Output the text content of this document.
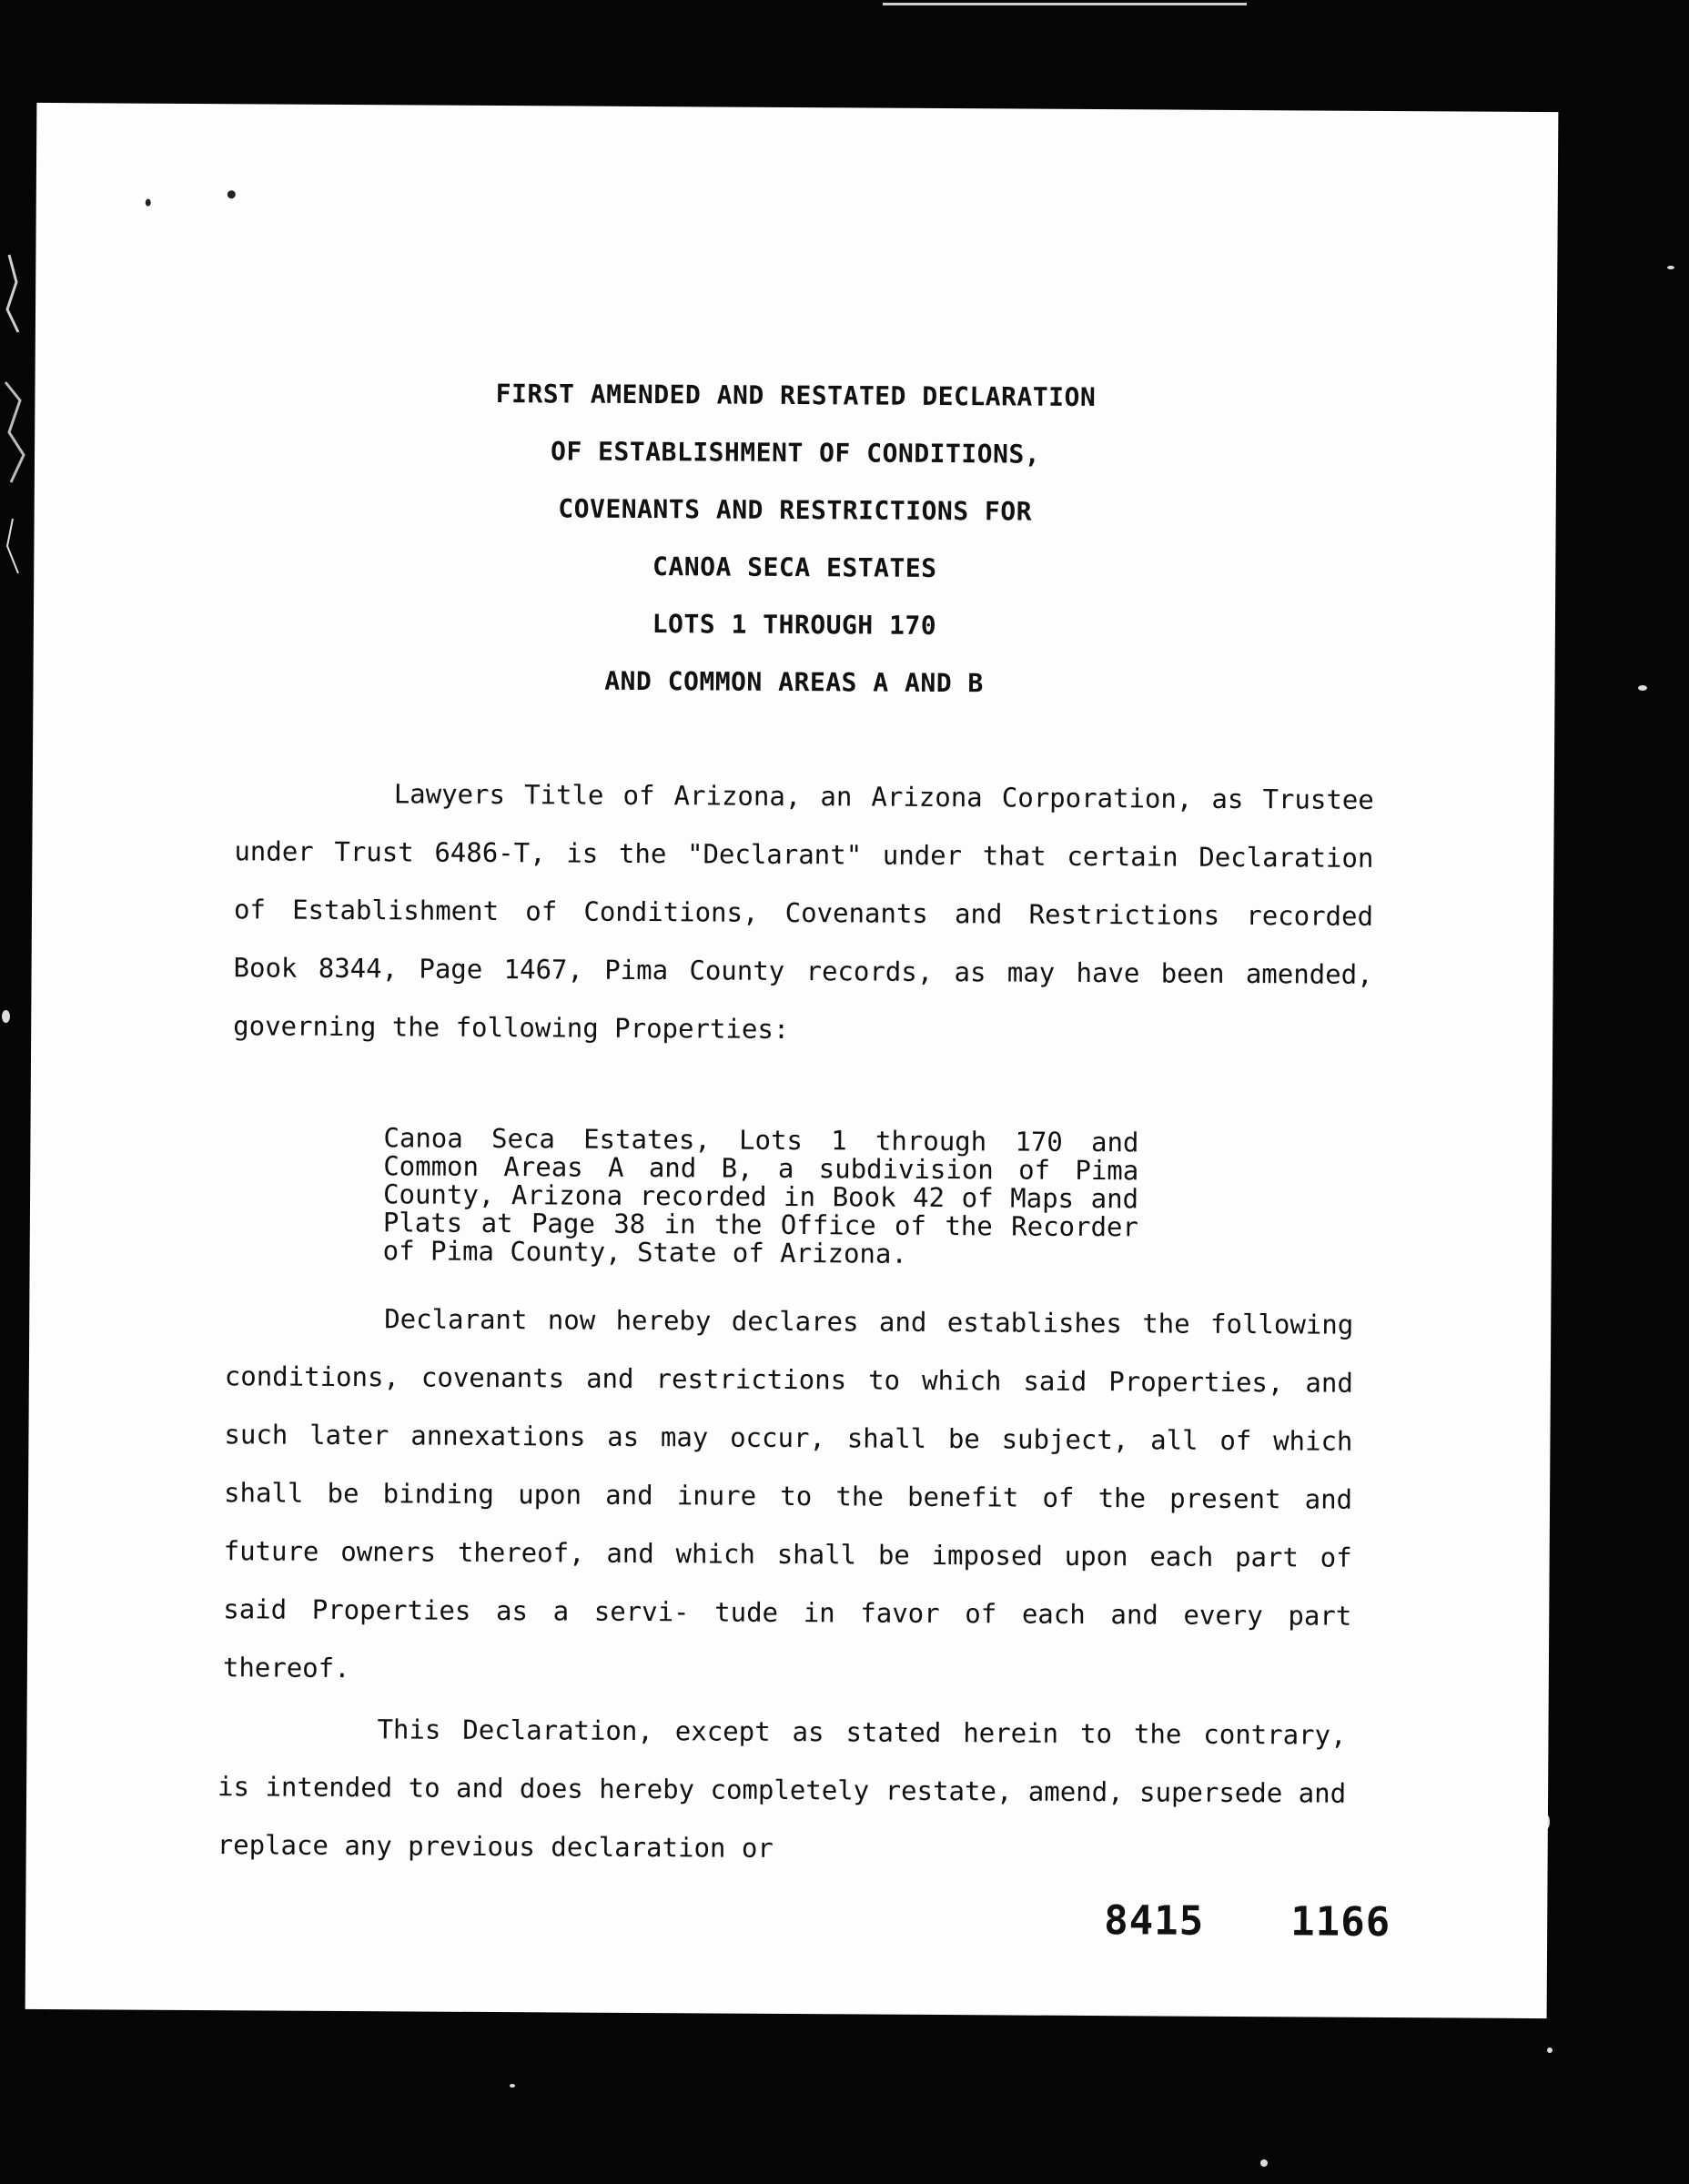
FIRST AMENDED AND RESTATED DECLARATION
OF ESTABLISHMENT OF CONDITIONS,
COVENANTS AND RESTRICTIONS FOR
CANOA SECA ESTATES
LOTS 1 THROUGH 170
AND COMMON AREAS A AND B
Lawyers Title of Arizona, an Arizona Corporation, as Trustee under Trust 6486-T, is the "Declarant" under that certain Declaration of Establishment of Conditions, Covenants and Restrictions recorded Book 8344, Page 1467, Pima County records, as may have been amended, governing the following Properties:
Canoa Seca Estates, Lots 1 through 170 and Common Areas A and B, a subdivision of Pima County, Arizona recorded in Book 42 of Maps and Plats at Page 38 in the Office of the Recorder of Pima County, State of Arizona.
Declarant now hereby declares and establishes the following conditions, covenants and restrictions to which said Properties, and such later annexations as may occur, shall be subject, all of which shall be binding upon and inure to the benefit of the present and future owners thereof, and which shall be imposed upon each part of said Properties as a servi- tude in favor of each and every part thereof.
This Declaration, except as stated herein to the contrary, is intended to and does hereby completely restate, amend, supersede and replace any previous declaration or
8415 1166
